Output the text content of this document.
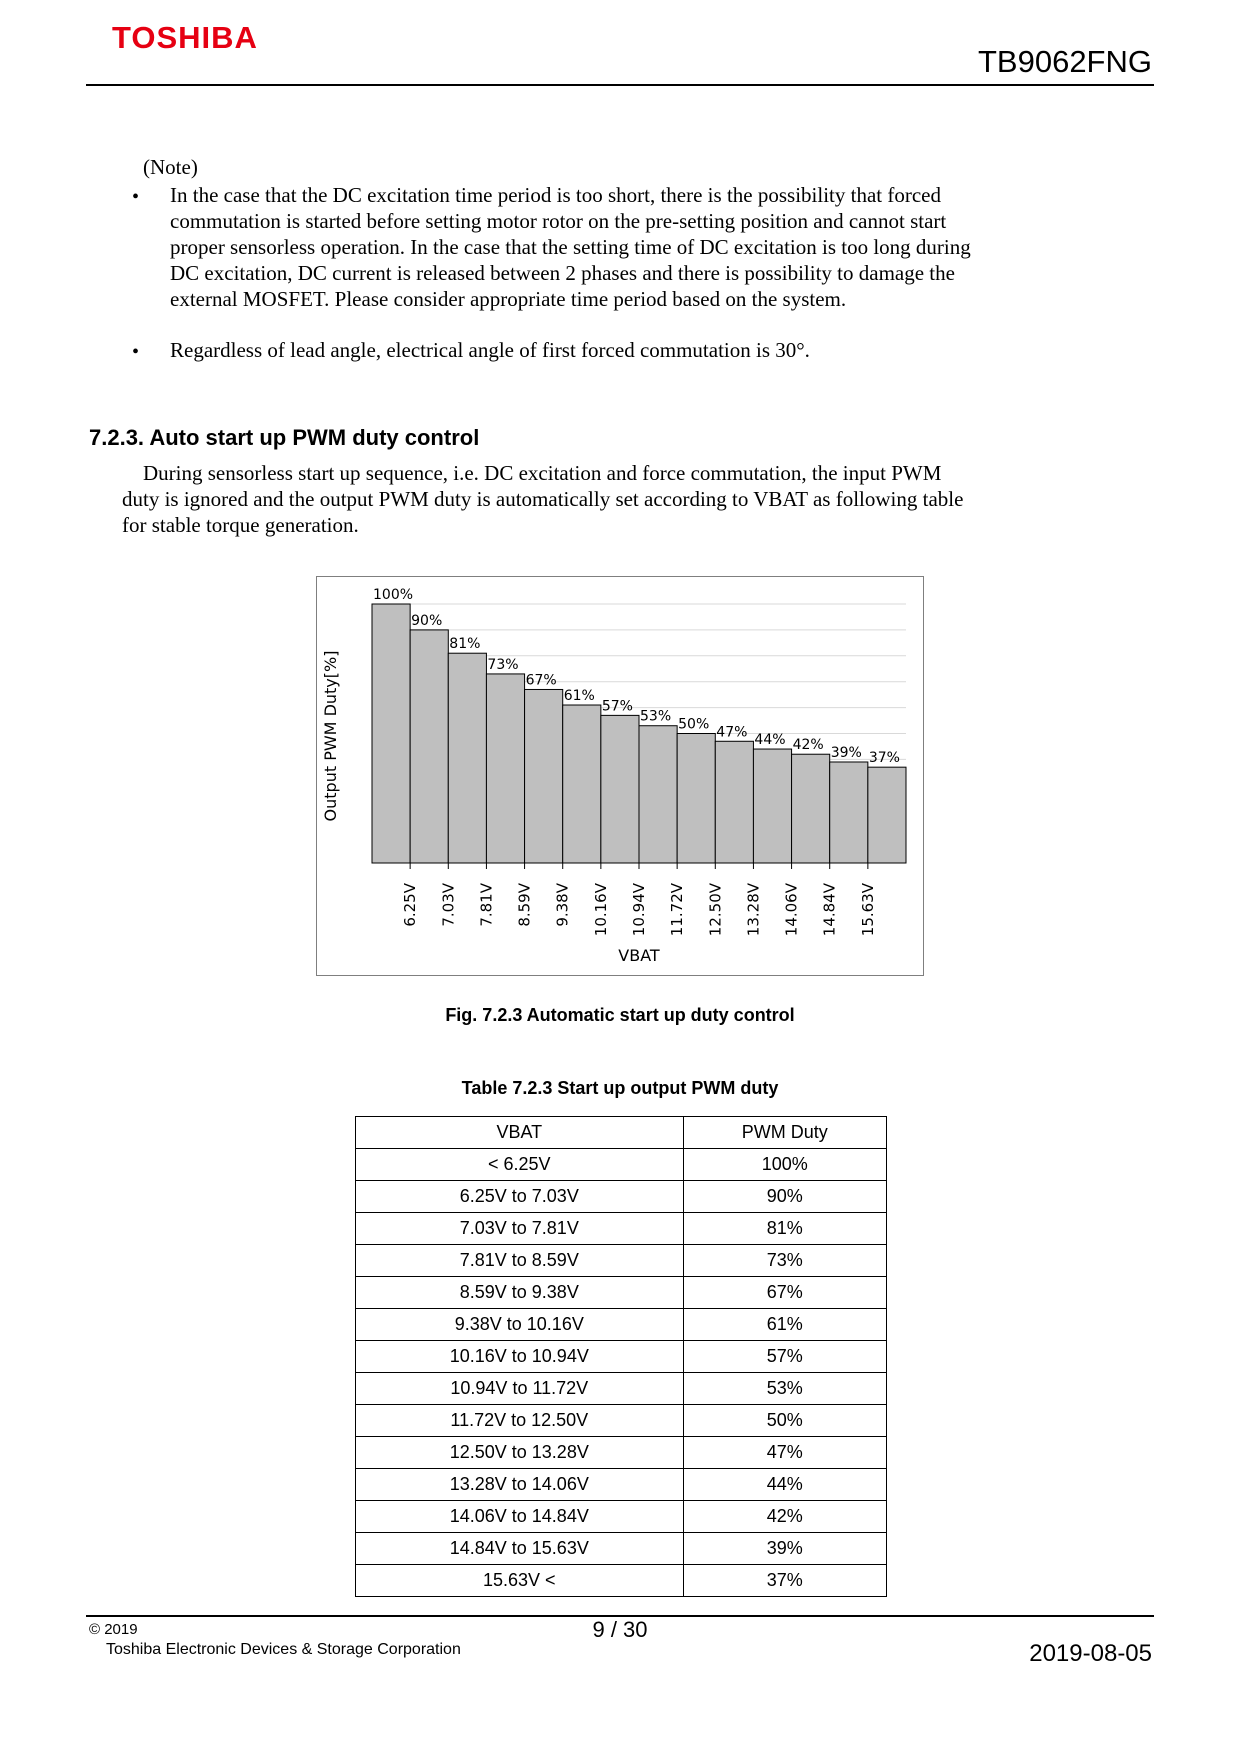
TOSHIBA
TB9062FNG
(Note)
• In the case that the DC excitation time period is too short, there is the possibility that forced
commutation is started before setting motor rotor on the pre-setting position and cannot start
proper sensorless operation. In the case that the setting time of DC excitation is too long during
DC excitation, DC current is released between 2 phases and there is possibility to damage the
external MOSFET. Please consider appropriate time period based on the system.
• Regardless of lead angle, electrical angle of first forced commutation is 30°.
7.2.3. Auto start up PWM duty control
During sensorless start up sequence, i.e. DC excitation and force commutation, the input PWM
duty is ignored and the output PWM duty is automatically set according to VBAT as following table
for stable torque generation.
100%
90%
81%
73%
67%
61%
57%
53% 50% 47% 44% 42% 39% 37%
6.25V 7.03V 7.81V 8.59V 9.38V 10.16V 10.94V 11.72V 12.50V 13.28V 14.06V 14.84V 15.63V
VBAT
Output PWM Duty[%]
Fig. 7.2.3 Automatic start up duty control
Table 7.2.3 Start up output PWM duty
VBAT	PWM Duty
< 6.25V	100%
6.25V to 7.03V	90%
7.03V to 7.81V	81%
7.81V to 8.59V	73%
8.59V to 9.38V	67%
9.38V to 10.16V	61%
10.16V to 10.94V	57%
10.94V to 11.72V	53%
11.72V to 12.50V	50%
12.50V to 13.28V	47%
13.28V to 14.06V	44%
14.06V to 14.84V	42%
14.84V to 15.63V	39%
15.63V <	37%
© 2019
Toshiba Electronic Devices & Storage Corporation
9 / 30
2019-08-05
